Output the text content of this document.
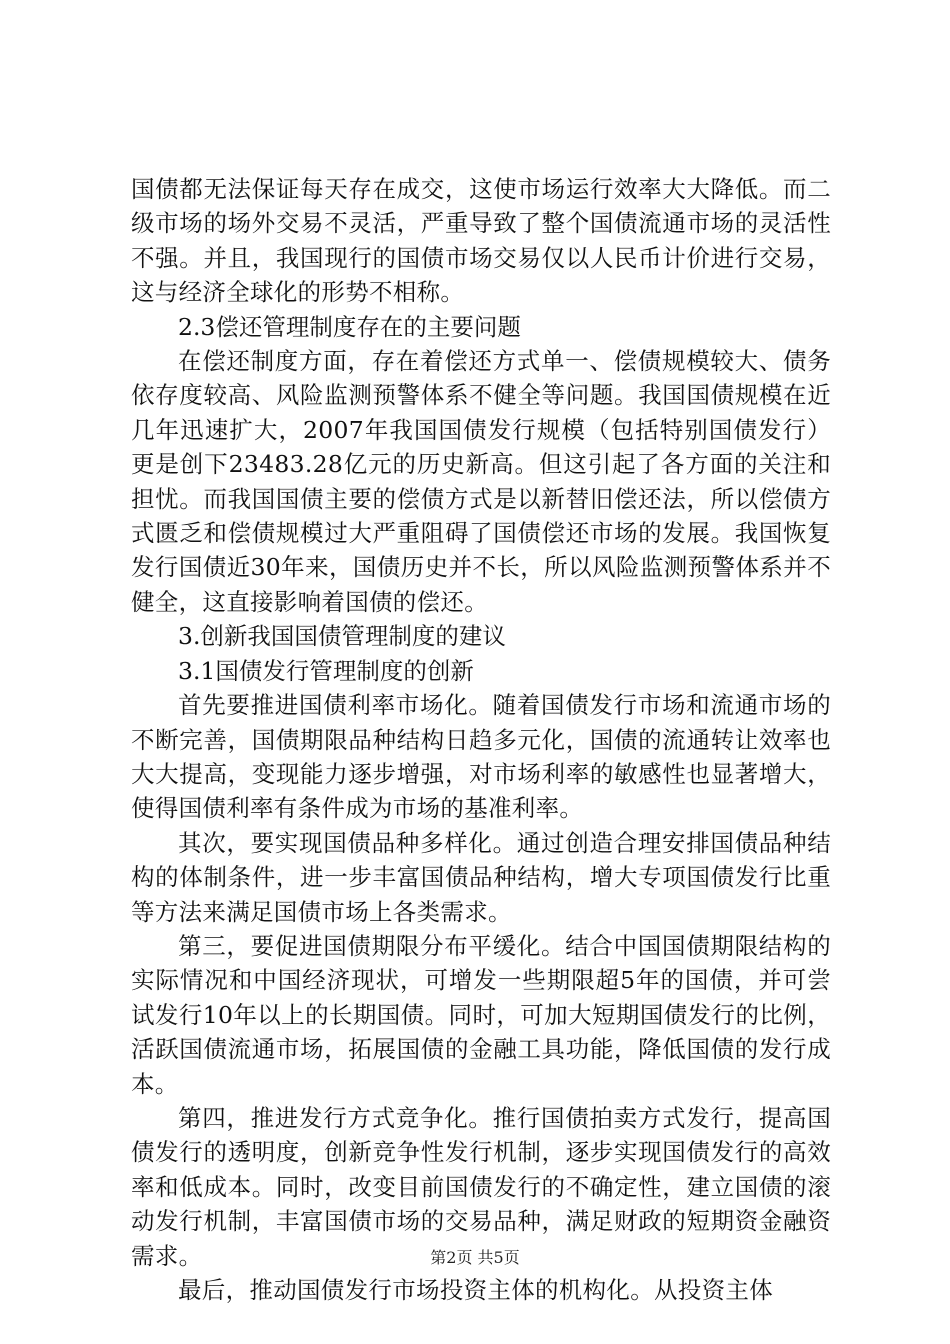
国债都无法保证每天存在成交，这使市场运行效率大大降低。而二级市场的场外交易不灵活，严重导致了整个国债流通市场的灵活性不强。并且，我国现行的国债市场交易仅以人民币计价进行交易，这与经济全球化的形势不相称。

2.3偿还管理制度存在的主要问题

在偿还制度方面，存在着偿还方式单一、偿债规模较大、债务依存度较高、风险监测预警体系不健全等问题。我国国债规模在近几年迅速扩大，2007年我国国债发行规模（包括特别国债发行）更是创下23483.28亿元的历史新高。但这引起了各方面的关注和担忧。而我国国债主要的偿债方式是以新替旧偿还法，所以偿债方式匮乏和偿债规模过大严重阻碍了国债偿还市场的发展。我国恢复发行国债近30年来，国债历史并不长，所以风险监测预警体系并不健全，这直接影响着国债的偿还。

3.创新我国国债管理制度的建议

3.1国债发行管理制度的创新

首先要推进国债利率市场化。随着国债发行市场和流通市场的不断完善，国债期限品种结构日趋多元化，国债的流通转让效率也大大提高，变现能力逐步增强，对市场利率的敏感性也显著增大，使得国债利率有条件成为市场的基准利率。

其次，要实现国债品种多样化。通过创造合理安排国债品种结构的体制条件，进一步丰富国债品种结构，增大专项国债发行比重等方法来满足国债市场上各类需求。

第三，要促进国债期限分布平缓化。结合中国国债期限结构的实际情况和中国经济现状，可增发一些期限超5年的国债，并可尝试发行10年以上的长期国债。同时，可加大短期国债发行的比例，活跃国债流通市场，拓展国债的金融工具功能，降低国债的发行成本。

第四，推进发行方式竞争化。推行国债拍卖方式发行，提高国债发行的透明度，创新竞争性发行机制，逐步实现国债发行的高效率和低成本。同时，改变目前国债发行的不确定性，建立国债的滚动发行机制，丰富国债市场的交易品种，满足财政的短期资金融资需求。

最后，推动国债发行市场投资主体的机构化。从投资主体

第2页 共5页
